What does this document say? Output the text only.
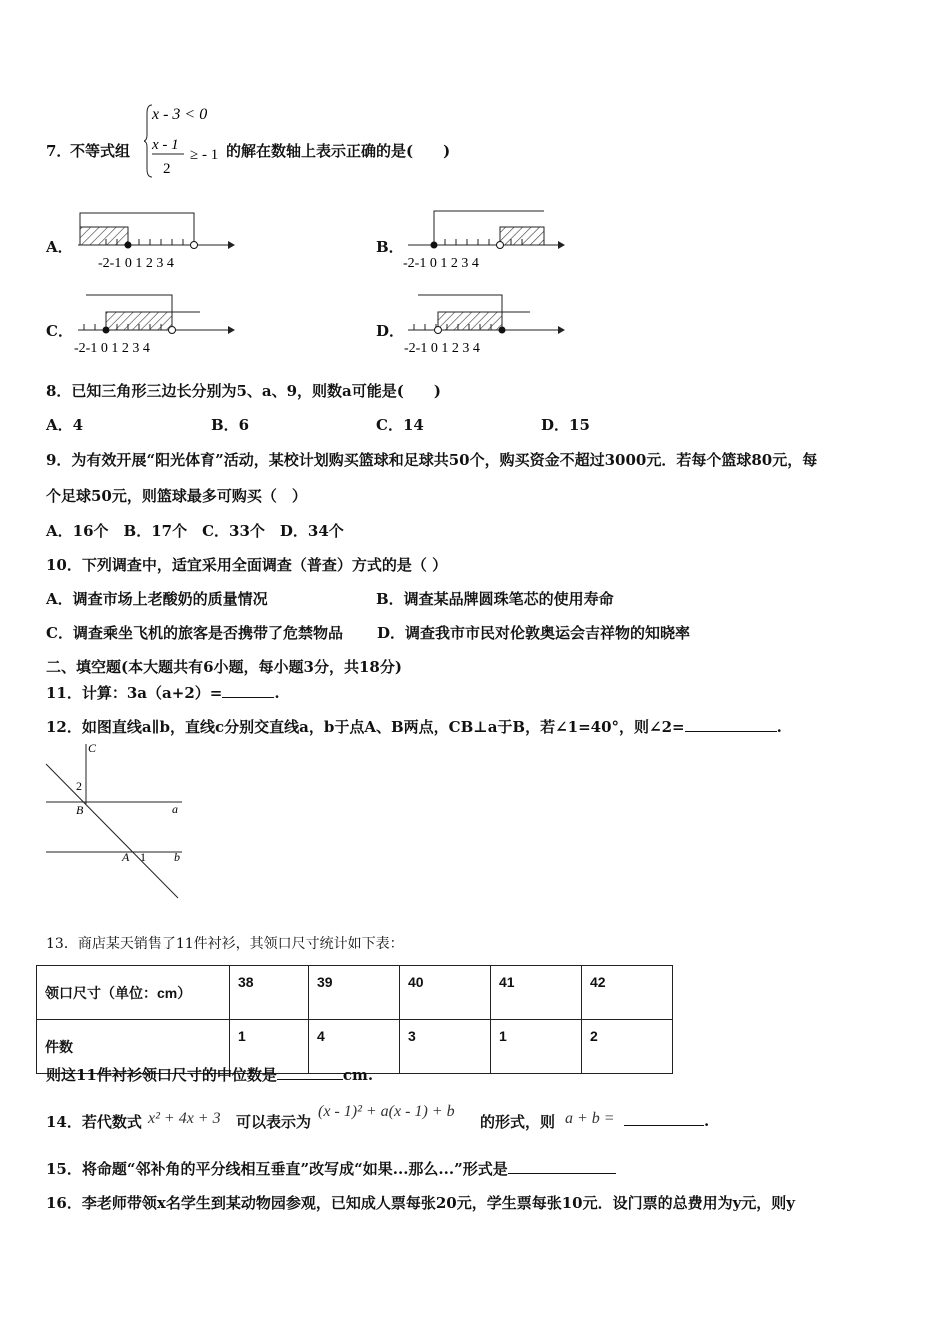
7．
不等式组
x - 3 < 0
x - 1
2
≥ - 1 的解在数轴上表示正确的是(　　)
A．
-2-1 0 1 2 3 4
B．
-2-1 0 1 2 3 4
C．
-2-1 0 1 2 3 4
D．
-2-1 0 1 2 3 4
8．已知三角形三边长分别为5、a、9，则数a可能是(　　)
A．4	B．6	C．14	D．15
9．为有效开展“阳光体育”活动，某校计划购买篮球和足球共50个，购买资金不超过3000元．若每个篮球80元，每
个足球50元，则篮球最多可购买（　）
A．16个　B．17个　C．33个　D．34个
10．下列调查中，适宜采用全面调查（普查）方式的是（ ）
A．调查市场上老酸奶的质量情况	B．调查某品牌圆珠笔芯的使用寿命
C．调查乘坐飞机的旅客是否携带了危禁物品 D．调查我市市民对伦敦奥运会吉祥物的知晓率
二、填空题(本大题共有6小题，每小题3分，共18分)
11．计算：3a（a+2）=	.
12．如图直线a∥b，直线c分别交直线a，b于点A、B两点，CB⊥a于B，若∠1=40°，则∠2=	.
C
2
B	a
A 1 b
13．商店某天销售了11件衬衫，其领口尺寸统计如下表：
领口尺寸（单位：cm）	38	39	40	41	42
件数	1	4	3	1	2
则这11件衬衫领口尺寸的中位数是	cm.
14．若代数式 x² + 4x + 3 可以表示为
(x - 1)² + a(x - 1) + b
的形式，则 a + b =	.
15．将命题“邻补角的平分线相互垂直”改写成“如果...那么...”形式是
16．李老师带领x名学生到某动物园参观，已知成人票每张20元，学生票每张10元．设门票的总费用为y元，则y
